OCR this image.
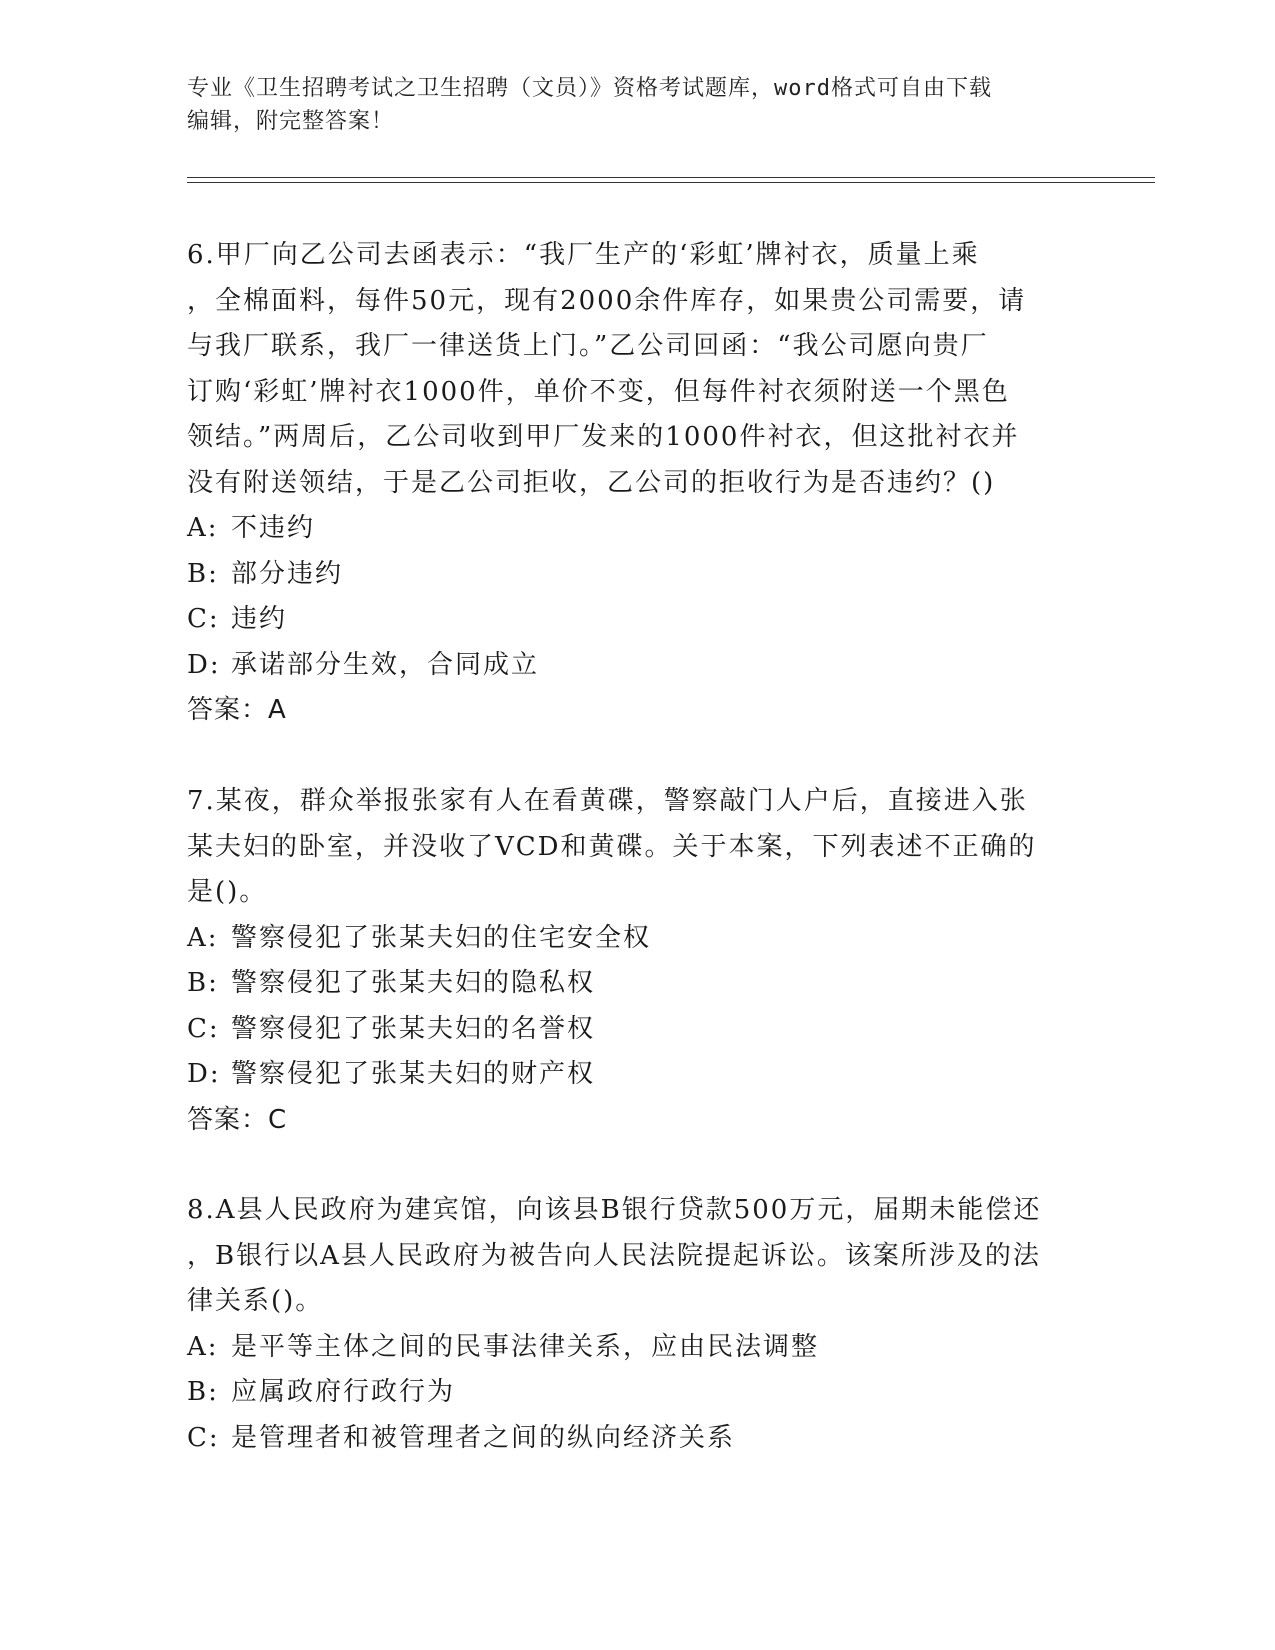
专业《卫生招聘考试之卫生招聘（文员）》资格考试题库，word格式可自由下载
编辑，附完整答案！
6.甲厂向乙公司去函表示：“我厂生产的‘彩虹’牌衬衣，质量上乘
，全棉面料，每件50元，现有2000余件库存，如果贵公司需要，请
与我厂联系，我厂一律送货上门。”乙公司回函：“我公司愿向贵厂
订购‘彩虹’牌衬衣1000件，单价不变，但每件衬衣须附送一个黑色
领结。”两周后，乙公司收到甲厂发来的1000件衬衣，但这批衬衣并
没有附送领结，于是乙公司拒收，乙公司的拒收行为是否违约？()
A: 不违约
B: 部分违约
C: 违约
D: 承诺部分生效，合同成立
答案：A
7.某夜，群众举报张家有人在看黄碟，警察敲门人户后，直接进入张
某夫妇的卧室，并没收了VCD和黄碟。关于本案，下列表述不正确的
是()。
A: 警察侵犯了张某夫妇的住宅安全权
B: 警察侵犯了张某夫妇的隐私权
C: 警察侵犯了张某夫妇的名誉权
D: 警察侵犯了张某夫妇的财产权
答案：C
8.A县人民政府为建宾馆，向该县B银行贷款500万元，届期未能偿还
，B银行以A县人民政府为被告向人民法院提起诉讼。该案所涉及的法
律关系()。
A: 是平等主体之间的民事法律关系，应由民法调整
B: 应属政府行政行为
C: 是管理者和被管理者之间的纵向经济关系
